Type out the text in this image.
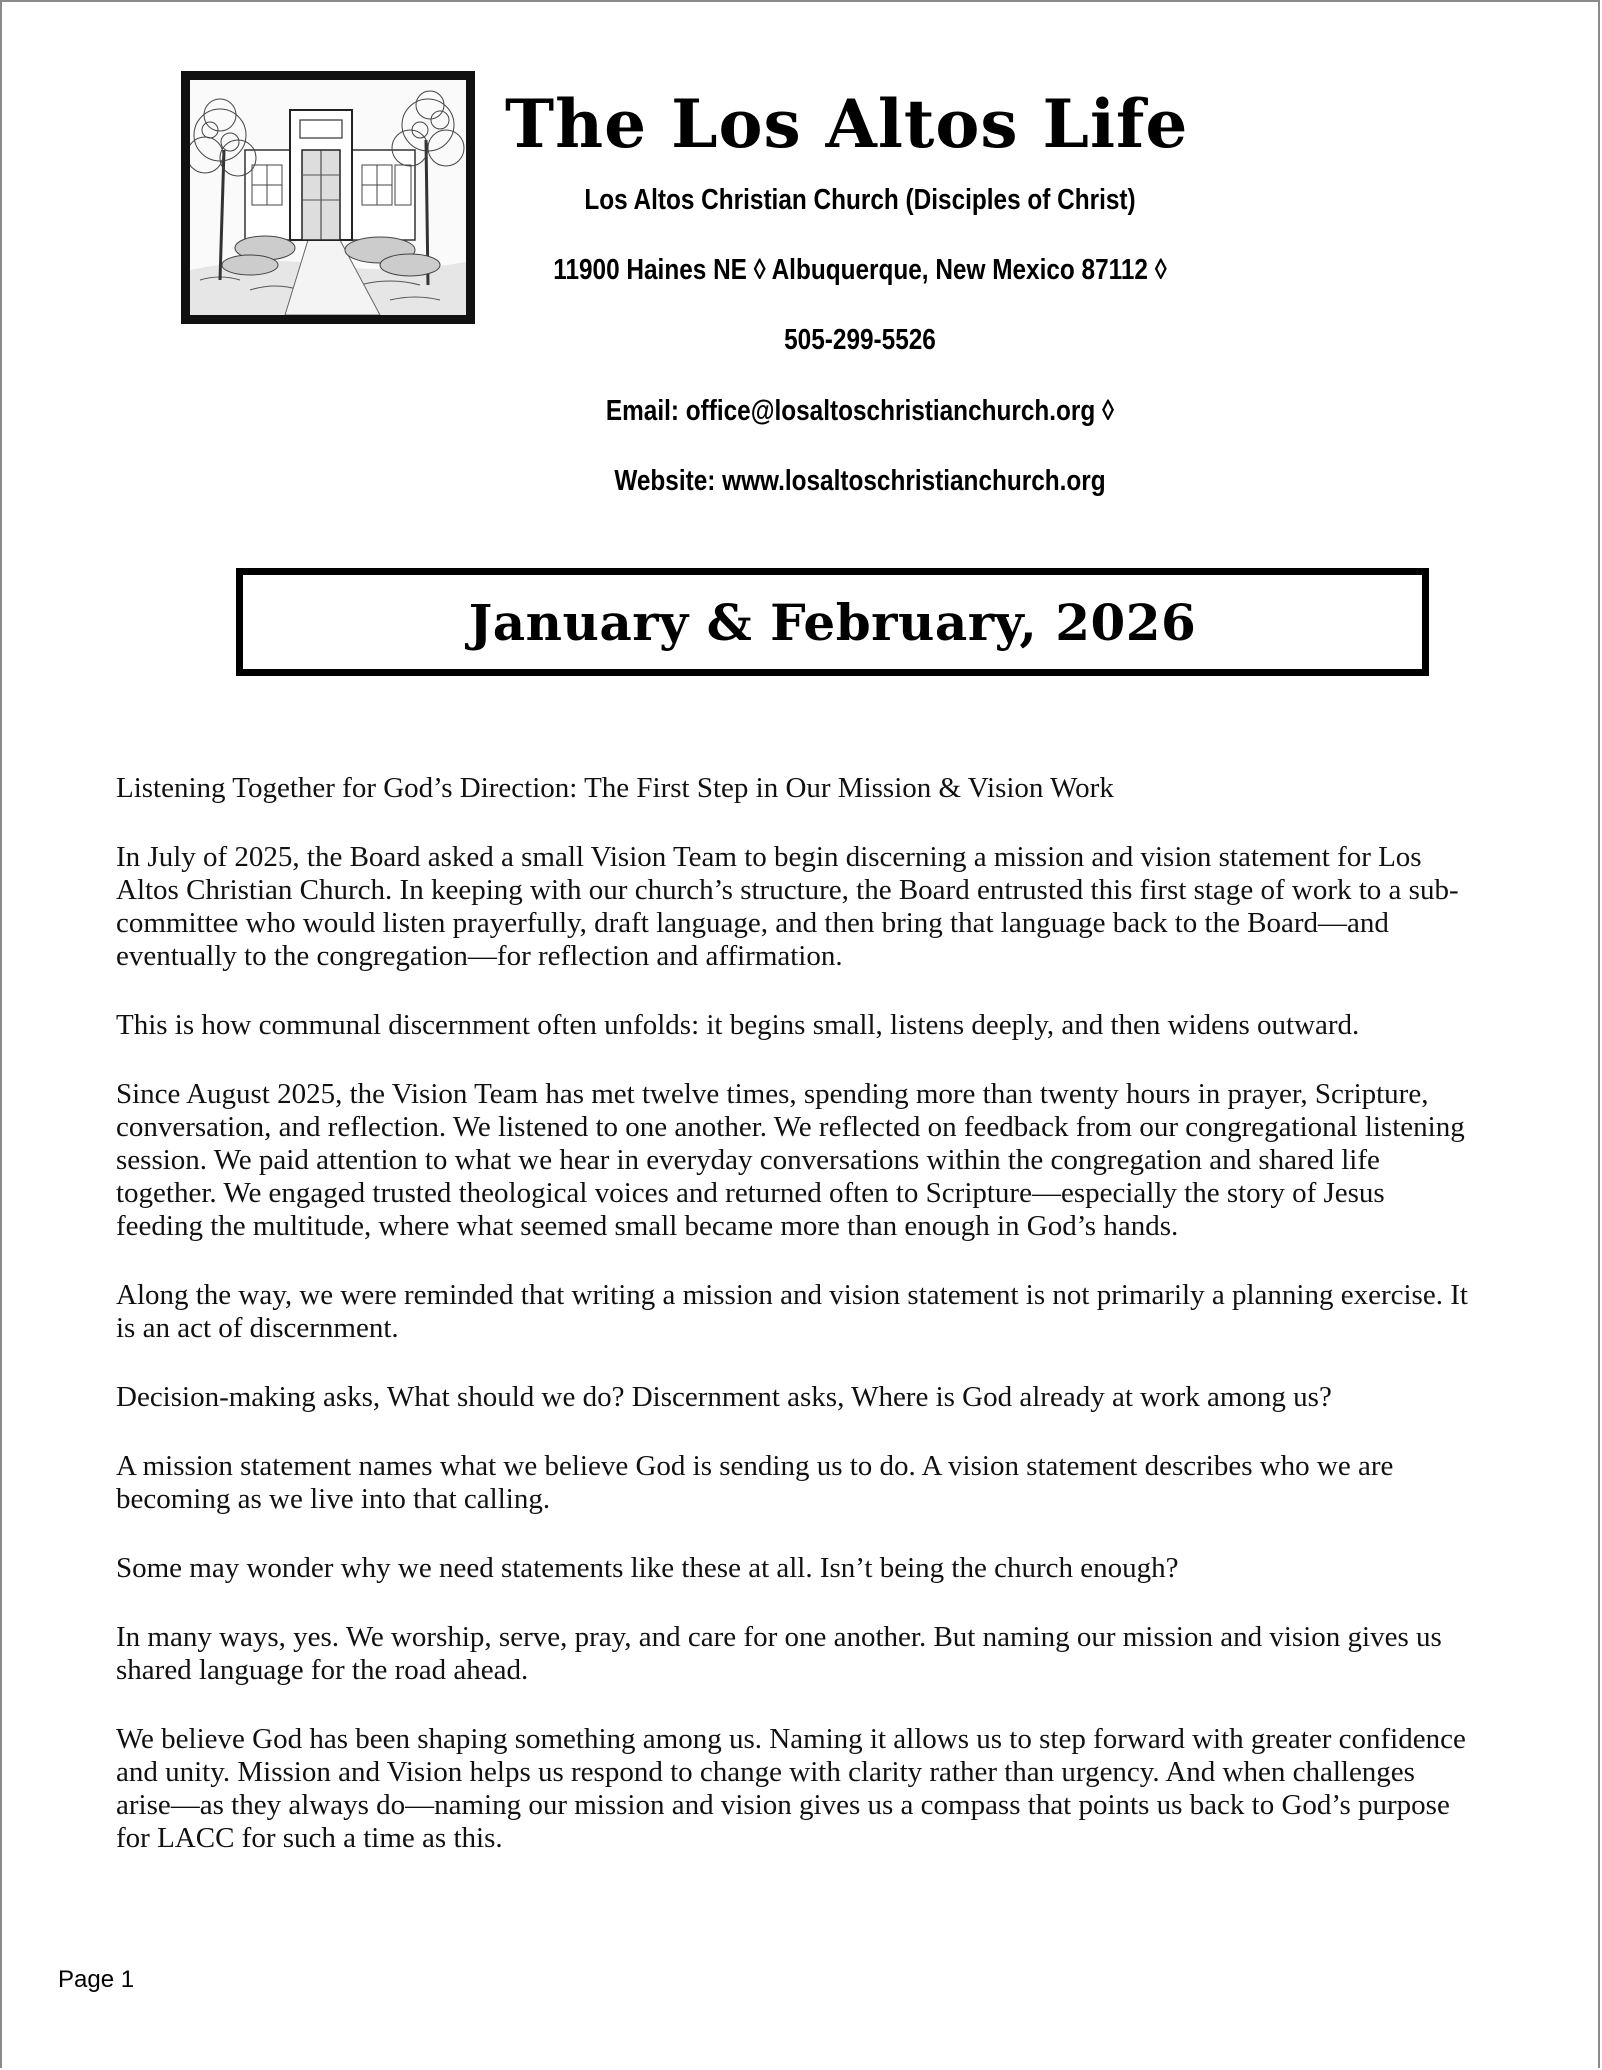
The Los Altos Life
Los Altos Christian Church (Disciples of Christ)
11900 Haines NE ◊ Albuquerque, New Mexico 87112 ◊
505-299-5526
Email: office@losaltoschristianchurch.org ◊
Website: www.losaltoschristianchurch.org
January & February, 2026

Listening Together for God’s Direction: The First Step in Our Mission & Vision Work

In July of 2025, the Board asked a small Vision Team to begin discerning a mission and vision statement for Los Altos Christian Church. In keeping with our church’s structure, the Board entrusted this first stage of work to a sub-committee who would listen prayerfully, draft language, and then bring that language back to the Board—and eventually to the congregation—for reflection and affirmation.

This is how communal discernment often unfolds: it begins small, listens deeply, and then widens outward.

Since August 2025, the Vision Team has met twelve times, spending more than twenty hours in prayer, Scripture, conversation, and reflection. We listened to one another. We reflected on feedback from our congregational listening session. We paid attention to what we hear in everyday conversations within the congregation and shared life together. We engaged trusted theological voices and returned often to Scripture—especially the story of Jesus feeding the multitude, where what seemed small became more than enough in God’s hands.

Along the way, we were reminded that writing a mission and vision statement is not primarily a planning exercise. It is an act of discernment.

Decision-making asks, What should we do? Discernment asks, Where is God already at work among us?

A mission statement names what we believe God is sending us to do. A vision statement describes who we are becoming as we live into that calling.

Some may wonder why we need statements like these at all. Isn’t being the church enough?

In many ways, yes. We worship, serve, pray, and care for one another. But naming our mission and vision gives us shared language for the road ahead.

We believe God has been shaping something among us. Naming it allows us to step forward with greater confidence and unity. Mission and Vision helps us respond to change with clarity rather than urgency. And when challenges arise—as they always do—naming our mission and vision gives us a compass that points us back to God’s purpose for LACC for such a time as this.

Page 1
